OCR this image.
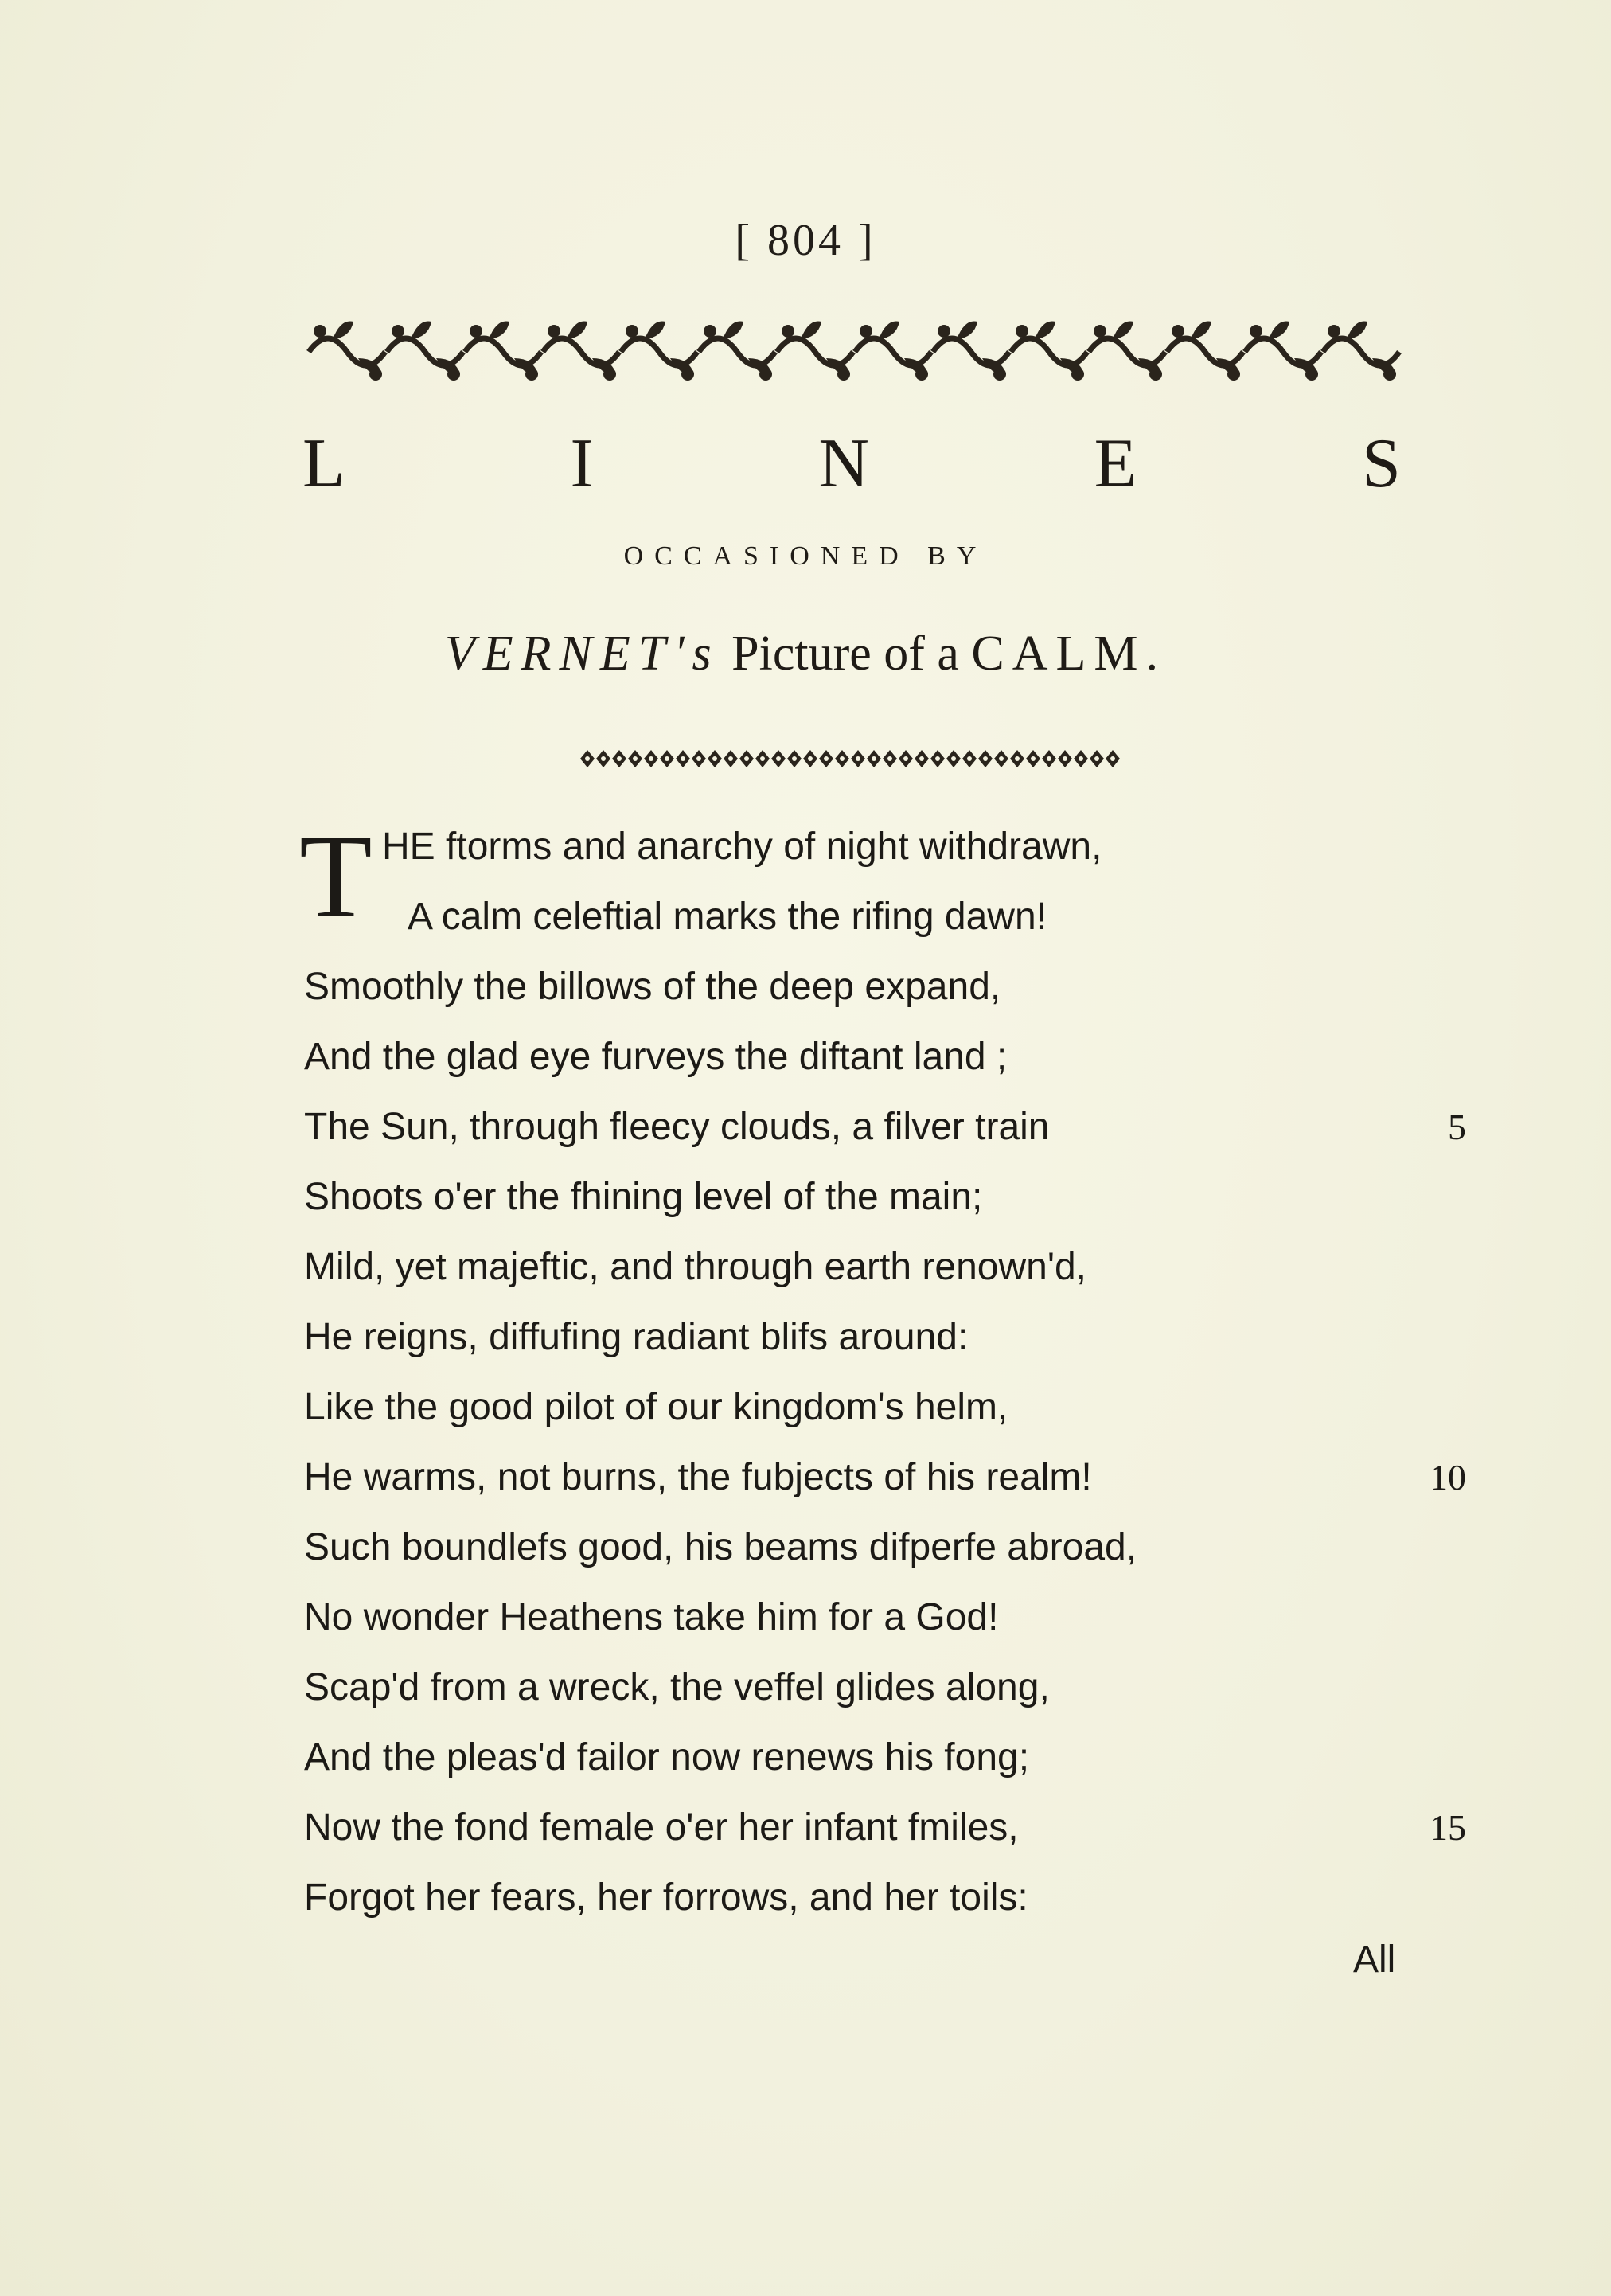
[ 804 ]
L	I	N	E	S
OCCASIONED BY
VERNET's Picture of a CALM.
T HE ftorms and anarchy of night withdrawn,
A calm celeftial marks the rifing dawn!
Smoothly the billows of the deep expand,
And the glad eye furveys the diftant land ;
The Sun, through fleecy clouds, a filver train	5
Shoots o'er the fhining level of the main;
Mild, yet majeftic, and through earth renown'd,
He reigns, diffufing radiant blifs around:
Like the good pilot of our kingdom's helm,
He warms, not burns, the fubjects of his realm!	10
Such boundlefs good, his beams difperfe abroad,
No wonder Heathens take him for a God!
Scap'd from a wreck, the veffel glides along,
And the pleas'd failor now renews his fong;
Now the fond female o'er her infant fmiles,	15
Forgot her fears, her forrows, and her toils:
All
